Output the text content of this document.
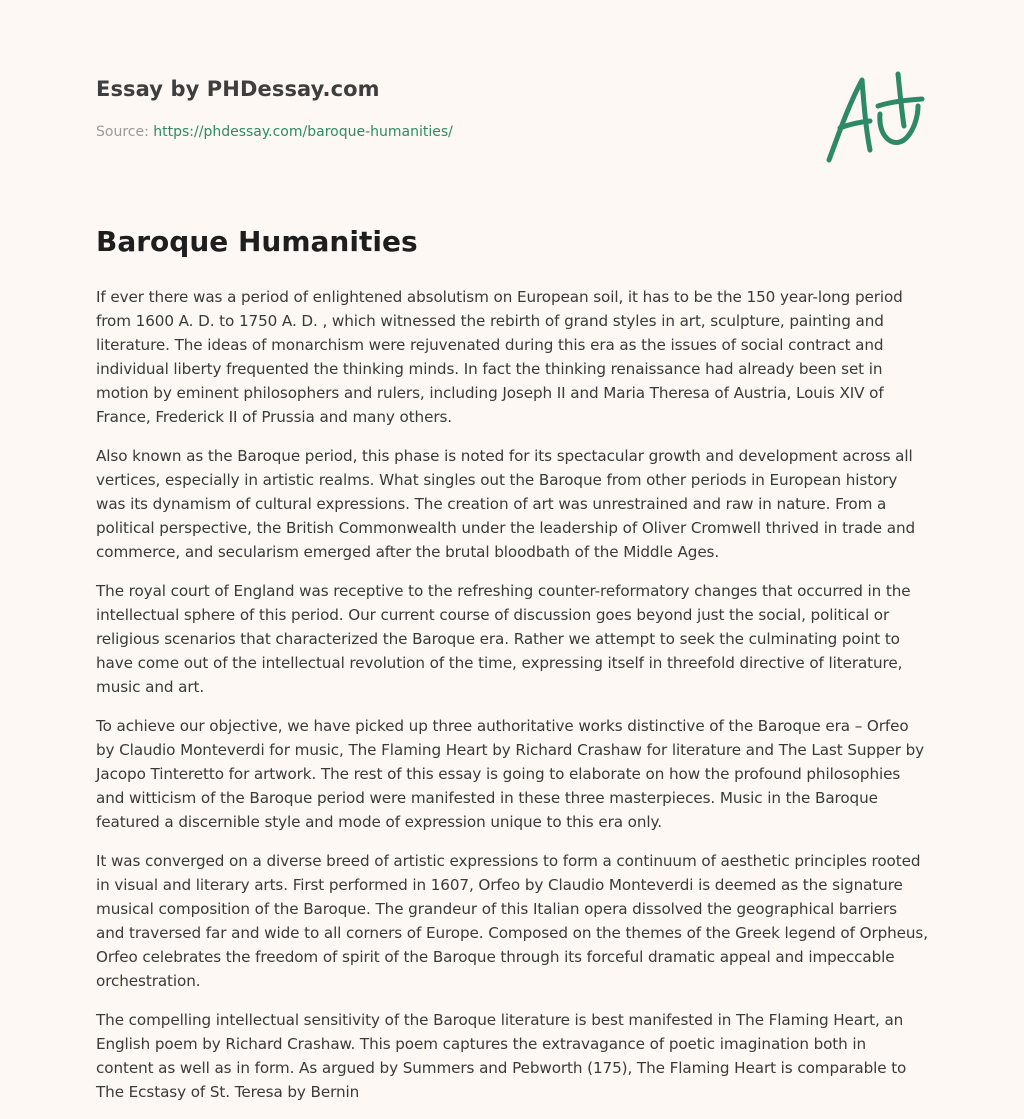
Essay by PHDessay.com
Source: https://phdessay.com/baroque-humanities/
Baroque Humanities

If ever there was a period of enlightened absolutism on European soil, it has to be the 150 year-long period from 1600 A. D. to 1750 A. D. , which witnessed the rebirth of grand styles in art, sculpture, painting and literature. The ideas of monarchism were rejuvenated during this era as the issues of social contract and individual liberty frequented the thinking minds. In fact the thinking renaissance had already been set in motion by eminent philosophers and rulers, including Joseph II and Maria Theresa of Austria, Louis XIV of France, Frederick II of Prussia and many others.

Also known as the Baroque period, this phase is noted for its spectacular growth and development across all vertices, especially in artistic realms. What singles out the Baroque from other periods in European history was its dynamism of cultural expressions. The creation of art was unrestrained and raw in nature. From a political perspective, the British Commonwealth under the leadership of Oliver Cromwell thrived in trade and commerce, and secularism emerged after the brutal bloodbath of the Middle Ages.

The royal court of England was receptive to the refreshing counter-reformatory changes that occurred in the intellectual sphere of this period. Our current course of discussion goes beyond just the social, political or religious scenarios that characterized the Baroque era. Rather we attempt to seek the culminating point to have come out of the intellectual revolution of the time, expressing itself in threefold directive of literature, music and art.

To achieve our objective, we have picked up three authoritative works distinctive of the Baroque era – Orfeo by Claudio Monteverdi for music, The Flaming Heart by Richard Crashaw for literature and The Last Supper by Jacopo Tinteretto for artwork. The rest of this essay is going to elaborate on how the profound philosophies and witticism of the Baroque period were manifested in these three masterpieces. Music in the Baroque featured a discernible style and mode of expression unique to this era only.

It was converged on a diverse breed of artistic expressions to form a continuum of aesthetic principles rooted in visual and literary arts. First performed in 1607, Orfeo by Claudio Monteverdi is deemed as the signature musical composition of the Baroque. The grandeur of this Italian opera dissolved the geographical barriers and traversed far and wide to all corners of Europe. Composed on the themes of the Greek legend of Orpheus, Orfeo celebrates the freedom of spirit of the Baroque through its forceful dramatic appeal and impeccable orchestration.

The compelling intellectual sensitivity of the Baroque literature is best manifested in The Flaming Heart, an English poem by Richard Crashaw. This poem captures the extravagance of poetic imagination both in content as well as in form. As argued by Summers and Pebworth (175), The Flaming Heart is comparable to The Ecstasy of St. Teresa by Bernin
